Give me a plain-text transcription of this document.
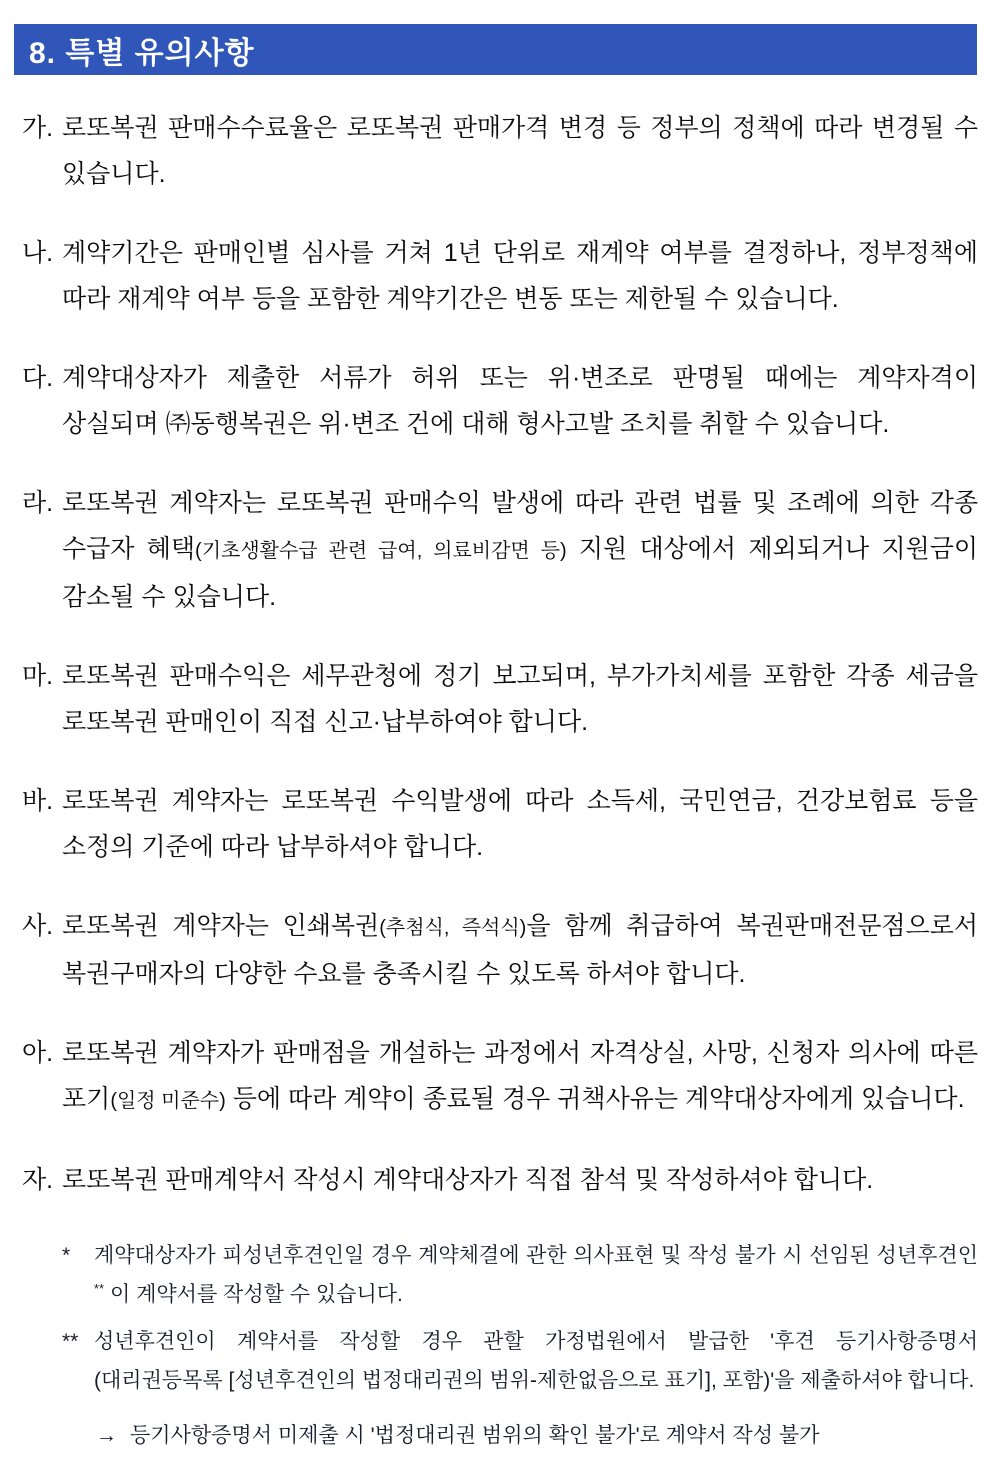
8. 특별 유의사항
가. 로또복권 판매수수료율은 로또복권 판매가격 변경 등 정부의 정책에 따라 변경될 수 있습니다.
나. 계약기간은 판매인별 심사를 거쳐 1년 단위로 재계약 여부를 결정하나, 정부정책에 따라 재계약 여부 등을 포함한 계약기간은 변동 또는 제한될 수 있습니다.
다. 계약대상자가 제출한 서류가 허위 또는 위·변조로 판명될 때에는 계약자격이 상실되며 ㈜동행복권은 위·변조 건에 대해 형사고발 조치를 취할 수 있습니다.
라. 로또복권 계약자는 로또복권 판매수익 발생에 따라 관련 법률 및 조례에 의한 각종 수급자 혜택(기초생활수급 관련 급여, 의료비감면 등) 지원 대상에서 제외되거나 지원금이 감소될 수 있습니다.
마. 로또복권 판매수익은 세무관청에 정기 보고되며, 부가가치세를 포함한 각종 세금을 로또복권 판매인이 직접 신고·납부하여야 합니다.
바. 로또복권 계약자는 로또복권 수익발생에 따라 소득세, 국민연금, 건강보험료 등을 소정의 기준에 따라 납부하셔야 합니다.
사. 로또복권 계약자는 인쇄복권(추첨식, 즉석식)을 함께 취급하여 복권판매전문점으로서 복권구매자의 다양한 수요를 충족시킬 수 있도록 하셔야 합니다.
아. 로또복권 계약자가 판매점을 개설하는 과정에서 자격상실, 사망, 신청자 의사에 따른 포기(일정 미준수) 등에 따라 계약이 종료될 경우 귀책사유는 계약대상자에게 있습니다.
자. 로또복권 판매계약서 작성시 계약대상자가 직접 참석 및 작성하셔야 합니다.
*	계약대상자가 피성년후견인일 경우 계약체결에 관한 의사표현 및 작성 불가 시 선임된 성년후견인** 이 계약서를 작성할 수 있습니다.
** 성년후견인이 계약서를 작성할 경우 관할 가정법원에서 발급한 '후견 등기사항증명서(대리권등목록 [성년후견인의 법정대리권의 범위-제한없음으로 표기], 포함)'을 제출하셔야 합니다.
→ 등기사항증명서 미제출 시 '법정대리권 범위의 확인 불가'로 계약서 작성 불가
